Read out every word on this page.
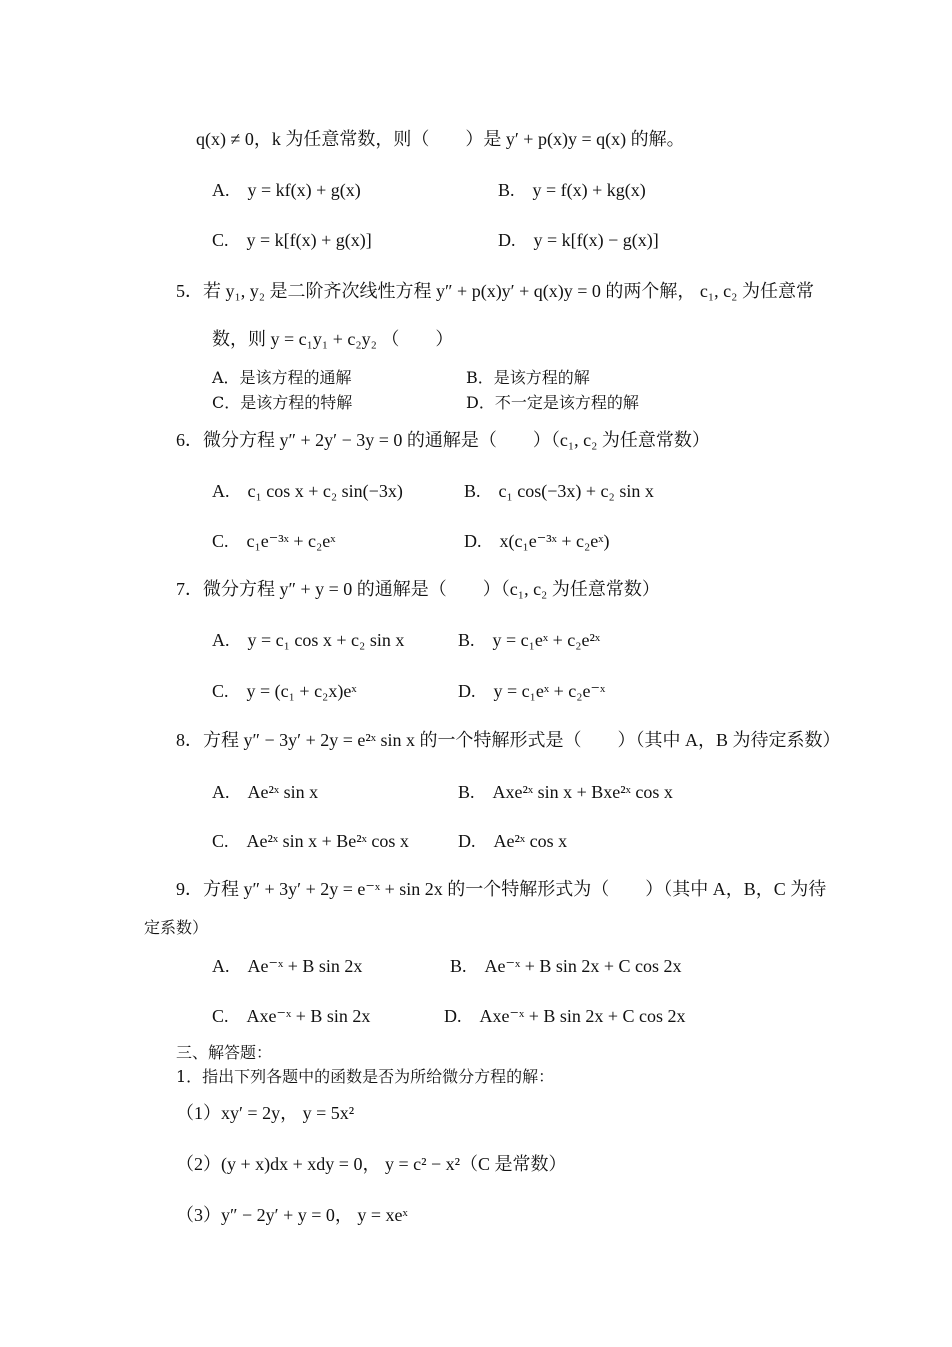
q(x) ≠ 0，k 为任意常数，则（　　）是 y′ + p(x)y = q(x) 的解。
A.　y = kf(x) + g(x)	B.　y = f(x) + kg(x)
C.　y = k[f(x) + g(x)]	D.　y = k[f(x) − g(x)]
5．若 y₁, y₂ 是二阶齐次线性方程 y″ + p(x)y′ + q(x)y = 0 的两个解， c₁, c₂ 为任意常
数，则 y = c₁y₁ + c₂y₂ （　　）
A．是该方程的通解	B．是该方程的解
C．是该方程的特解	D．不一定是该方程的解
6．微分方程 y″ + 2y′ − 3y = 0 的通解是（　　）（c₁, c₂ 为任意常数）
A.　c₁ cos x + c₂ sin(−3x)	B.　c₁ cos(−3x) + c₂ sin x
C.　c₁e⁻³ˣ + c₂eˣ	D.　x(c₁e⁻³ˣ + c₂eˣ)
7．微分方程 y″ + y = 0 的通解是（　　）（c₁, c₂ 为任意常数）
A.　y = c₁ cos x + c₂ sin x	B.　y = c₁eˣ + c₂e²ˣ
C.　y = (c₁ + c₂x)eˣ	D.　y = c₁eˣ + c₂e⁻ˣ
8．方程 y″ − 3y′ + 2y = e²ˣ sin x 的一个特解形式是（　　）（其中 A，B 为待定系数）
A.　Ae²ˣ sin x	B.　Axe²ˣ sin x + Bxe²ˣ cos x
C.　Ae²ˣ sin x + Be²ˣ cos x	D.　Ae²ˣ cos x
9．方程 y″ + 3y′ + 2y = e⁻ˣ + sin 2x 的一个特解形式为（　　）（其中 A，B，C 为待
定系数）
A.　Ae⁻ˣ + B sin 2x	B.　Ae⁻ˣ + B sin 2x + C cos 2x
C.　Axe⁻ˣ + B sin 2x	D.　Axe⁻ˣ + B sin 2x + C cos 2x
三、解答题：
1．指出下列各题中的函数是否为所给微分方程的解：
（1）xy′ = 2y， y = 5x²
（2）(y + x)dx + xdy = 0， y = c² − x²（C 是常数）
（3）y″ − 2y′ + y = 0， y = xeˣ
